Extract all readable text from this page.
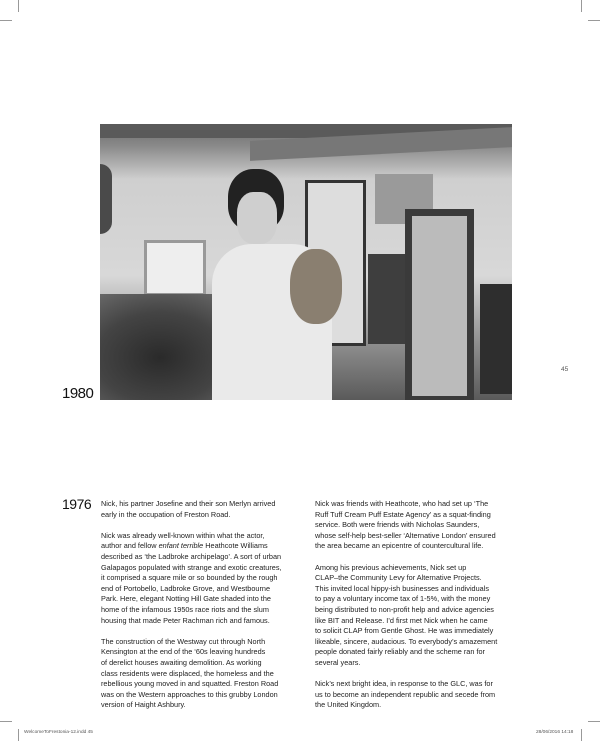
1980
45
1976 Nick, his partner Josefine and their son Merlyn arrived
early in the occupation of Freston Road.

Nick was already well-known within what the actor,
author and fellow enfant terrible Heathcote Williams
described as ‘the Ladbroke archipelago’. A sort of urban
Galapagos populated with strange and exotic creatures,
it comprised a square mile or so bounded by the rough
end of Portobello, Ladbroke Grove, and Westbourne
Park. Here, elegant Notting Hill Gate shaded into the
home of the infamous 1950s race riots and the slum
housing that made Peter Rachman rich and famous.

The construction of the Westway cut through North
Kensington at the end of the ‘60s leaving hundreds
of derelict houses awaiting demolition. As working
class residents were displaced, the homeless and the
rebellious young moved in and squatted. Freston Road
was on the Western approaches to this grubby London
version of Haight Ashbury.

Nick was friends with Heathcote, who had set up ‘The
Ruff Tuff Cream Puff Estate Agency’ as a squat-finding
service. Both were friends with Nicholas Saunders,
whose self-help best-seller ‘Alternative London’ ensured
the area became an epicentre of countercultural life.

Among his previous achievements, Nick set up
CLAP–the Community Levy for Alternative Projects.
This invited local hippy-ish businesses and individuals
to pay a voluntary income tax of 1-5%, with the money
being distributed to non-profit help and advice agencies
like BIT and Release. I’d first met Nick when he came
to solicit CLAP from Gentle Ghost. He was immediately
likeable, sincere, audacious. To everybody’s amazement
people donated fairly reliably and the scheme ran for
several years.

Nick’s next bright idea, in response to the GLC, was for
us to become an independent republic and secede from
the United Kingdom.

WelcomeToFrestonia-12.indd 45	28/06/2016 14:18
